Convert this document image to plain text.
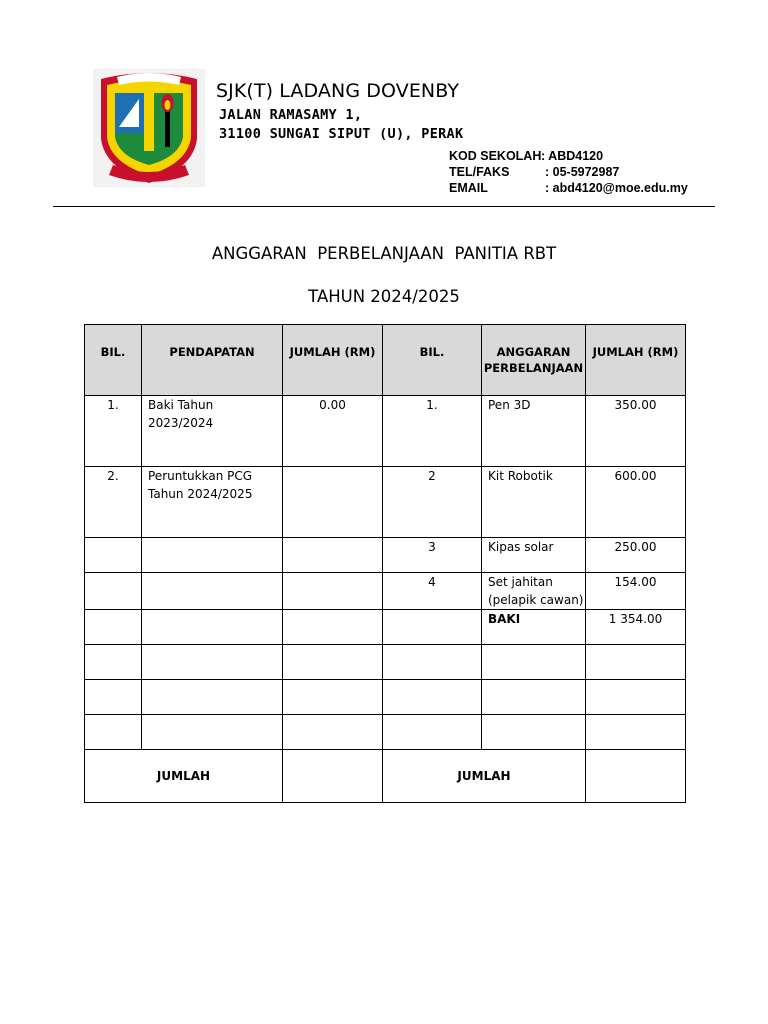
SJK(T) LADANG DOVENBY
JALAN RAMASAMY 1,
31100 SUNGAI SIPUT (U), PERAK
KOD SEKOLAH : ABD4120
TEL/FAKS	: 05-5972987
EMAIL	: abd4120@moe.edu.my
ANGGARAN  PERBELANJAAN  PANITIA RBT
TAHUN 2024/2025
BIL.	PENDAPATAN	JUMLAH (RM)	BIL.	ANGGARAN PERBELANJAAN	JUMLAH (RM)
1.	Baki Tahun 2023/2024	0.00	1.	Pen 3D	350.00
2.	Peruntukkan PCG Tahun 2024/2025		2	Kit Robotik	600.00
			3	Kipas solar	250.00
			4	Set jahitan (pelapik cawan)	154.00
				BAKI	1 354.00

JUMLAH			JUMLAH		
